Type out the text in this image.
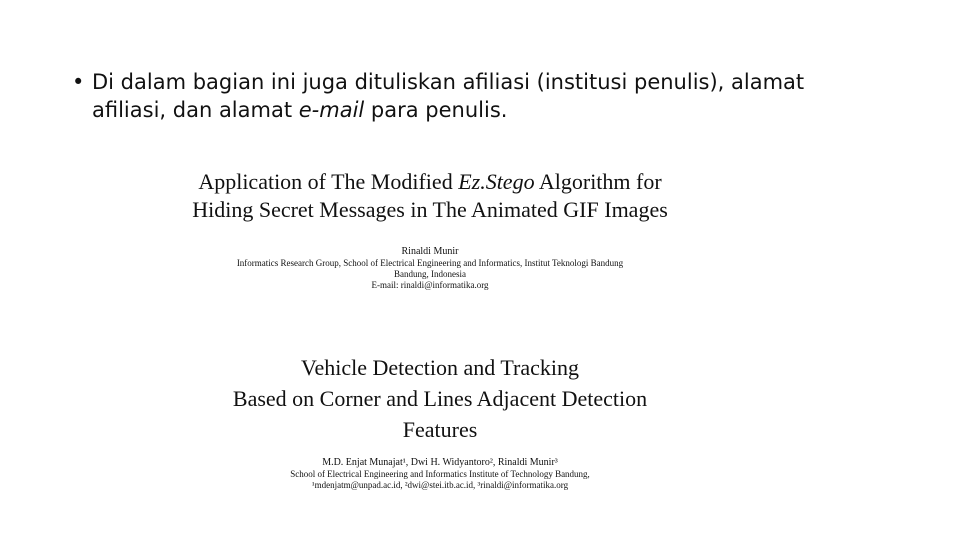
• Di dalam bagian ini juga dituliskan afiliasi (institusi penulis), alamat
afiliasi, dan alamat e-mail para penulis.
Application of The Modified Ez.Stego Algorithm for
Hiding Secret Messages in The Animated GIF Images
Rinaldi Munir
Informatics Research Group, School of Electrical Engineering and Informatics, Institut Teknologi Bandung
Bandung, Indonesia
E-mail: rinaldi@informatika.org
Vehicle Detection and Tracking
Based on Corner and Lines Adjacent Detection
Features
M.D. Enjat Munajat¹, Dwi H. Widyantoro², Rinaldi Munir³
School of Electrical Engineering and Informatics Institute of Technology Bandung,
¹mdenjatm@unpad.ac.id, ²dwi@stei.itb.ac.id, ³rinaldi@informatika.org
